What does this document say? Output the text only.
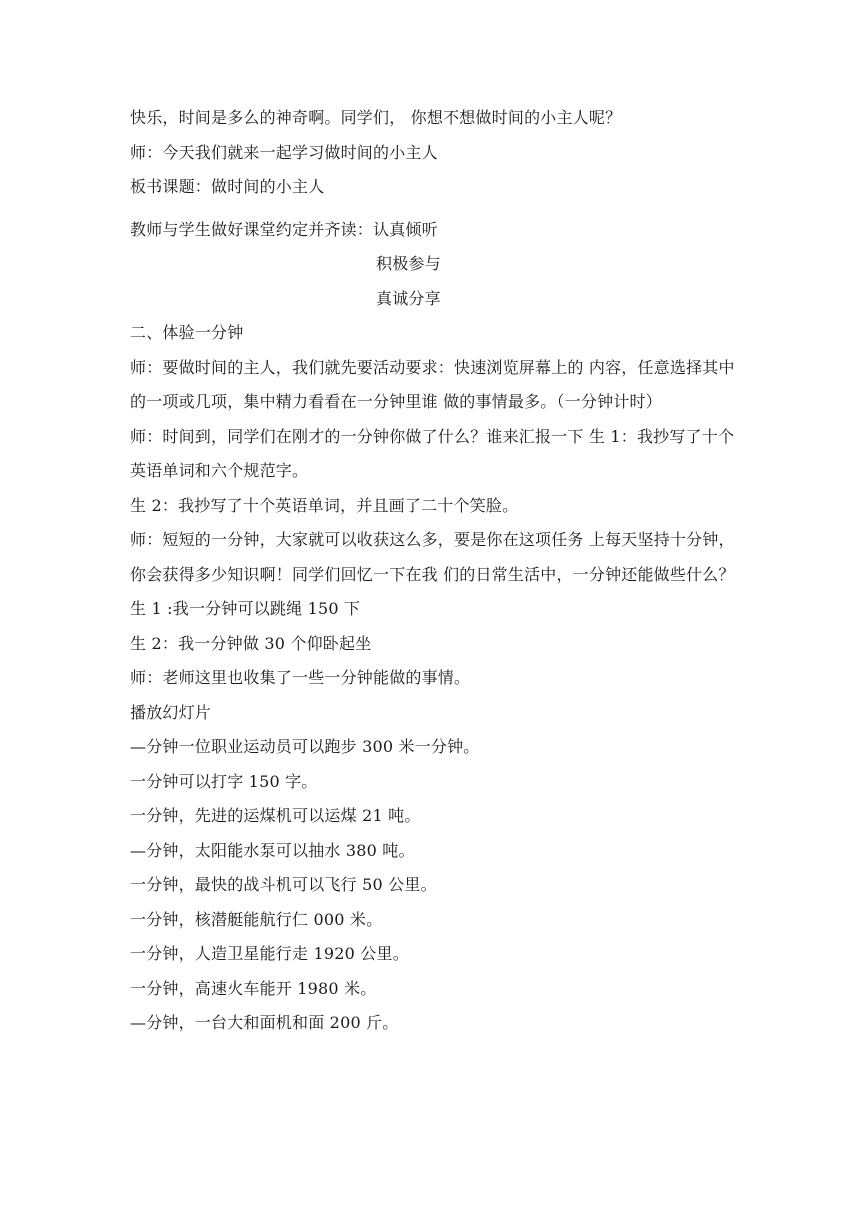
快乐，时间是多么的神奇啊。同学们， 你想不想做时间的小主人呢？

师：今天我们就来一起学习做时间的小主人

板书课题：做时间的小主人

教师与学生做好课堂约定并齐读：认真倾听

积极参与

真诚分享

二、体验一分钟

师：要做时间的主人，我们就先要活动要求：快速浏览屏幕上的 内容，任意选择其中的一项或几项，集中精力看看在一分钟里谁 做的事情最多。（一分钟计时）

师：时间到，同学们在刚才的一分钟你做了什么？谁来汇报一下 生 1：我抄写了十个英语单词和六个规范字。

生 2：我抄写了十个英语单词，并且画了二十个笑脸。

师：短短的一分钟，大家就可以收获这么多，要是你在这项任务 上每天坚持十分钟，你会获得多少知识啊！同学们回忆一下在我 们的日常生活中，一分钟还能做些什么？

生 1 :我一分钟可以跳绳 150 下

生 2：我一分钟做 30 个仰卧起坐

师：老师这里也收集了一些一分钟能做的事情。

播放幻灯片

—分钟一位职业运动员可以跑步 300 米一分钟。

一分钟可以打字 150 字。

一分钟，先进的运煤机可以运煤 21 吨。

—分钟，太阳能水泵可以抽水 380 吨。

一分钟，最快的战斗机可以飞行 50 公里。

一分钟，核潜艇能航行仁 000 米。

一分钟，人造卫星能行走 1920 公里。

一分钟，高速火车能开 1980 米。

—分钟，一台大和面机和面 200 斤。
